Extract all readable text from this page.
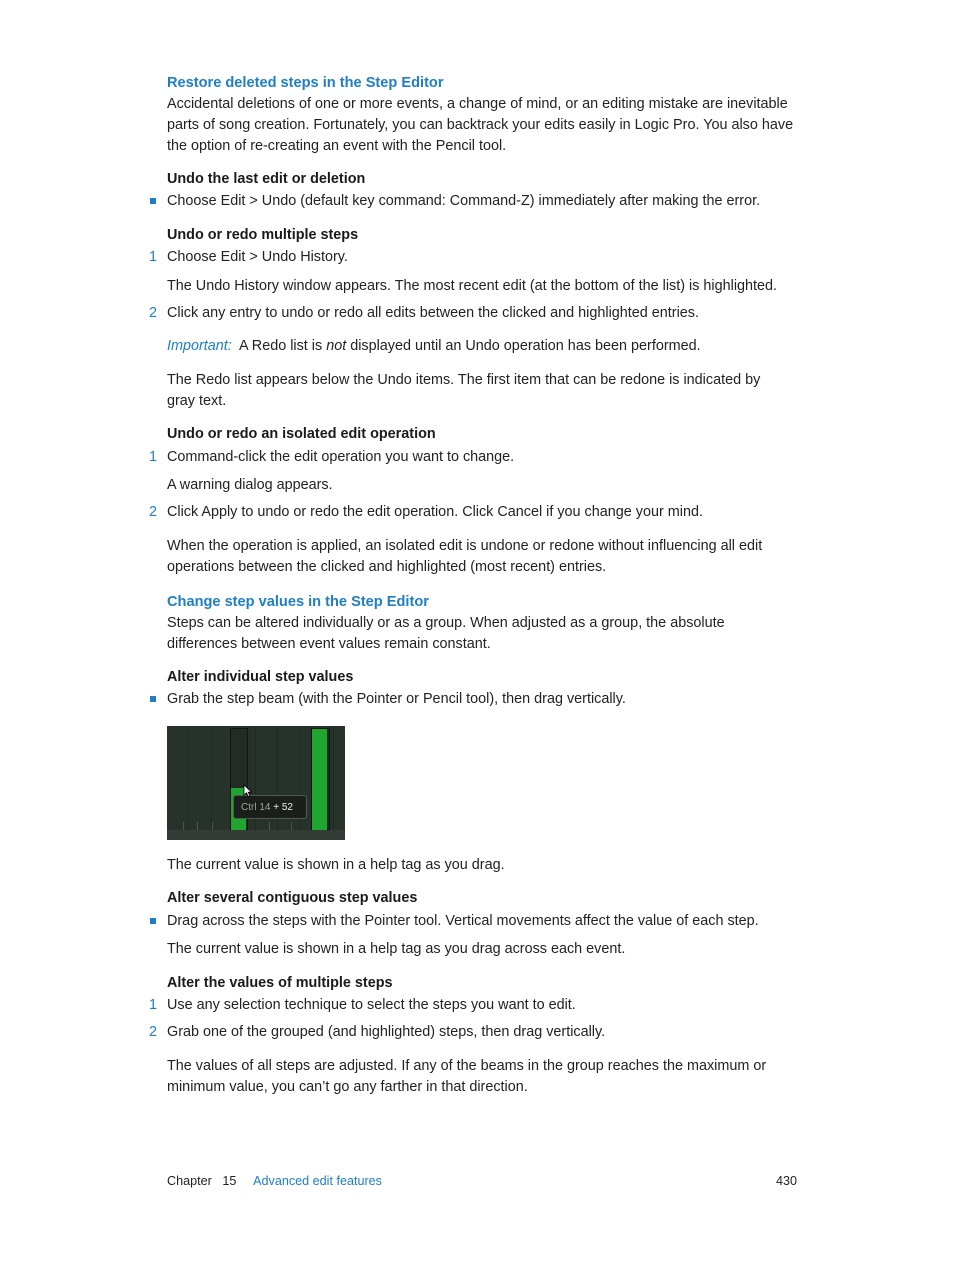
Restore deleted steps in the Step Editor
Accidental deletions of one or more events, a change of mind, or an editing mistake are inevitable parts of song creation. Fortunately, you can backtrack your edits easily in Logic Pro. You also have the option of re-creating an event with the Pencil tool.
Undo the last edit or deletion
Choose Edit > Undo (default key command: Command-Z) immediately after making the error.
Undo or redo multiple steps
1 Choose Edit > Undo History.
The Undo History window appears. The most recent edit (at the bottom of the list) is highlighted.
2 Click any entry to undo or redo all edits between the clicked and highlighted entries.
Important: A Redo list is not displayed until an Undo operation has been performed.
The Redo list appears below the Undo items. The first item that can be redone is indicated by gray text.
Undo or redo an isolated edit operation
1 Command-click the edit operation you want to change.
A warning dialog appears.
2 Click Apply to undo or redo the edit operation. Click Cancel if you change your mind.
When the operation is applied, an isolated edit is undone or redone without influencing all edit operations between the clicked and highlighted (most recent) entries.
Change step values in the Step Editor
Steps can be altered individually or as a group. When adjusted as a group, the absolute differences between event values remain constant.
Alter individual step values
Grab the step beam (with the Pointer or Pencil tool), then drag vertically.
Ctrl 14 + 52
The current value is shown in a help tag as you drag.
Alter several contiguous step values
Drag across the steps with the Pointer tool. Vertical movements affect the value of each step.
The current value is shown in a help tag as you drag across each event.
Alter the values of multiple steps
1 Use any selection technique to select the steps you want to edit.
2 Grab one of the grouped (and highlighted) steps, then drag vertically.
The values of all steps are adjusted. If any of the beams in the group reaches the maximum or minimum value, you can’t go any farther in that direction.
Chapter 15 Advanced edit features	430
